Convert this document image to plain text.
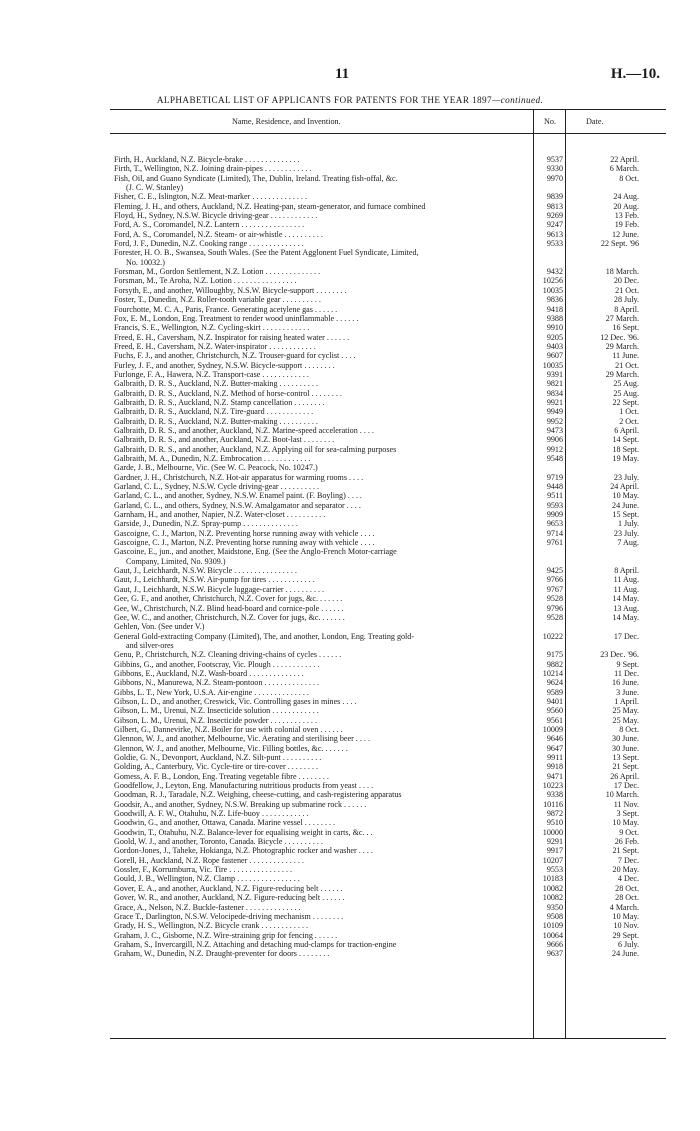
11	H.—10.
ALPHABETICAL LIST OF APPLICANTS FOR PATENTS FOR THE YEAR 1897—continued.
Name, Residence, and Invention.	No.	Date.
Firth, H., Auckland, N.Z. Bicycle-brake . . . . . . . . . . . . . .	9537	22 April.
Firth, T., Wellington, N.Z. Joining drain-pipes . . . . . . . . . . . .	9330	6 March.
Fish, Oil, and Guano Syndicate (Limited), The, Dublin, Ireland. Treating fish-offal, &c.	9970	8 Oct.
(J. C. W. Stanley)
Fisher, C. E., Islington, N.Z. Meat-marker . . . . . . . . . . . . . .	9839	24 Aug.
Fleming, J. H., and others, Auckland, N.Z. Heating-pan, steam-generator, and furnace combined	9813	20 Aug.
Floyd, H., Sydney, N.S.W. Bicycle driving-gear . . . . . . . . . . . .	9269	13 Feb.
Ford, A. S., Coromandel, N.Z. Lantern . . . . . . . . . . . . . . . .	9247	19 Feb.
Ford, A. S., Coromandel, N.Z. Steam- or air-whistle . . . . . . . . . .	9613	12 June.
Ford, J. F., Dunedin, N.Z. Cooking range . . . . . . . . . . . . . .	9533	22 Sept. '96
Forester, H. O. B., Swansea, South Wales. (See the Patent Agglonent Fuel Syndicate, Limited,
No. 10032.)
Forsman, M., Gordon Settlement, N.Z. Lotion . . . . . . . . . . . . . .	9432	18 March.
Forsman, M., Te Aroha, N.Z. Lotion . . . . . . . . . . . . . . . .	10256	20 Dec.
Forsyth, E., and another, Willoughby, N.S.W. Bicycle-support . . . . . . . .	10035	21 Oct.
Foster, T., Dunedin, N.Z. Roller-tooth variable gear . . . . . . . . . .	9836	28 July.
Fourchotte, M. C. A., Paris, France. Generating acetylene gas . . . . . .	9418	8 April.
Fox, E. M., London, Eng. Treatment to render wood uninflammable . . . . . .	9388	27 March.
Francis, S. E., Wellington, N.Z. Cycling-skirt . . . . . . . . . . . .	9910	16 Sept.
Freed, E. H., Caversham, N.Z. Inspirator for raising heated water . . . . . .	9205	12 Dec. '96.
Freed, E. H., Caversham, N.Z. Water-inspirator . . . . . . . . . . . .	9403	29 March.
Fuchs, F. J., and another, Christchurch, N.Z. Trouser-guard for cyclist . . . .	9607	11 June.
Furley, J. F., and another, Sydney, N.S.W. Bicycle-support . . . . . . . .	10035	21 Oct.
Furlonge, F. A., Hawera, N.Z. Transport-case . . . . . . . . . . . .	9391	29 March.
Galbraith, D. R. S., Auckland, N.Z. Butter-making . . . . . . . . . .	9821	25 Aug.
Galbraith, D. R. S., Auckland, N.Z. Method of horse-control . . . . . . . .	9834	25 Aug.
Galbraith, D. R. S., Auckland, N.Z. Stamp cancellation . . . . . . . .	9921	22 Sept.
Galbraith, D. R. S., Auckland, N.Z. Tire-guard . . . . . . . . . . . .	9949	1 Oct.
Galbraith, D. R. S., Auckland, N.Z. Butter-making . . . . . . . . . .	9952	2 Oct.
Galbraith, D. R. S., and another, Auckland, N.Z. Marine-speed acceleration . . . .	9473	6 April.
Galbraith, D. R. S., and another, Auckland, N.Z. Boot-last . . . . . . . .	9906	14 Sept.
Galbraith, D. R. S., and another, Auckland, N.Z. Applying oil for sea-calming purposes	9912	18 Sept.
Galbraith, M. A., Dunedin, N.Z. Embrocation . . . . . . . . . . . .	9548	19 May.
Garde, J. B., Melbourne, Vic. (See W. C. Peacock, No. 10247.)
Gardner, J. H., Christchurch, N.Z. Hot-air apparatus for warming rooms . . . .	9719	23 July.
Garland, C. L., Sydney, N.S.W. Cycle driving-gear . . . . . . . . . .	9448	24 April.
Garland, C. L., and another, Sydney, N.S.W. Enamel paint. (F. Boyling) . . . .	9511	10 May.
Garland, C. L., and others, Sydney, N.S.W. Amalgamator and separator . . . .	9593	24 June.
Garnham, H., and another, Napier, N.Z. Water-closet . . . . . . . . . .	9909	15 Sept.
Garside, J., Dunedin, N.Z. Spray-pump . . . . . . . . . . . . . .	9653	1 July.
Gascoigne, C. J., Marton, N.Z. Preventing horse running away with vehicle . . . .	9714	23 July.
Gascoigne, C. J., Marton, N.Z. Preventing horse running away with vehicle . . . .	9761	7 Aug.
Gascoine, E., jun., and another, Maidstone, Eng. (See the Anglo-French Motor-carriage
Company, Limited, No. 9309.)
Gaut, J., Leichhardt, N.S.W. Bicycle . . . . . . . . . . . . . . . .	9425	8 April.
Gaut, J., Leichhardt, N.S.W. Air-pump for tires . . . . . . . . . . . .	9766	11 Aug.
Gaut, J., Leichhardt, N.S.W. Bicycle luggage-carrier . . . . . . . . . .	9767	11 Aug.
Gee, G. F., and another, Christchurch, N.Z. Cover for jugs, &c. . . . . . .	9528	14 May.
Gee, W., Christchurch, N.Z. Blind head-board and cornice-pole . . . . . .	9796	13 Aug.
Gee, W. C., and another, Christchurch, N.Z. Cover for jugs, &c. . . . . . .	9528	14 May.
Gehlen, Von. (See under V.)
General Gold-extracting Company (Limited), The, and another, London, Eng. Treating gold-	10222	17 Dec.
and silver-ores
Genu, P., Christchurch, N.Z. Cleaning driving-chains of cycles . . . . . .	9175	23 Dec. '96.
Gibbins, G., and another, Footscray, Vic. Plough . . . . . . . . . . . .	9882	9 Sept.
Gibbons, E., Auckland, N.Z. Wash-board . . . . . . . . . . . . . .	10214	11 Dec.
Gibbons, N., Manurewa, N.Z. Steam-pontoon . . . . . . . . . . . . . .	9624	16 June.
Gibbs, L. T., New York, U.S.A. Air-engine . . . . . . . . . . . . . .	9589	3 June.
Gibson, L. D., and another, Creswick, Vic. Controlling gases in mines . . . .	9401	1 April.
Gibson, L. M., Urenui, N.Z. Insecticide solution . . . . . . . . . . . .	9560	25 May.
Gibson, L. M., Urenui, N.Z. Insecticide powder . . . . . . . . . . . .	9561	25 May.
Gilbert, G., Dannevirke, N.Z. Boiler for use with colonial oven . . . . . .	10009	8 Oct.
Glennon, W. J., and another, Melbourne, Vic. Aerating and sterilising beer . . . .	9646	30 June.
Glennon, W. J., and another, Melbourne, Vic. Filling bottles, &c. . . . . . .	9647	30 June.
Goldie, G. N., Devonport, Auckland, N.Z. Silt-punt . . . . . . . . . .	9911	13 Sept.
Golding, A., Canterbury, Vic. Cycle-tire or tire-cover . . . . . . . .	9918	21 Sept.
Gomess, A. F. B., London, Eng. Treating vegetable fibre . . . . . . . .	9471	26 April.
Goodfellow, J., Leyton, Eng. Manufacturing nutritious products from yeast . . . .	10223	17 Dec.
Goodman, R. J., Taradale, N.Z. Weighing, cheese-cutting, and cash-registering apparatus	9338	10 March.
Goodsir, A., and another, Sydney, N.S.W. Breaking up submarine rock . . . . . .	10116	11 Nov.
Goodwill, A. F. W., Otahuhu, N.Z. Life-buoy . . . . . . . . . . . .	9872	3 Sept.
Goodwin, G., and another, Ottawa, Canada. Marine vessel . . . . . . . .	9510	10 May.
Goodwin, T., Otahuhu, N.Z. Balance-lever for equalising weight in carts, &c. . .	10000	9 Oct.
Goold, W. J., and another, Toronto, Canada. Bicycle . . . . . . . . . .	9291	26 Feb.
Gordon-Jones, J., Taheke, Hokianga, N.Z. Photographic rocker and washer . . . .	9917	21 Sept.
Gorell, H., Auckland, N.Z. Rope fastener . . . . . . . . . . . . . .	10207	7 Dec.
Gossler, F., Korrumburra, Vic. Tire . . . . . . . . . . . . . . . .	9553	20 May.
Gould, J. B., Wellington, N.Z. Clamp . . . . . . . . . . . . . . . .	10183	4 Dec.
Gover, E. A., and another, Auckland, N.Z. Figure-reducing belt . . . . . .	10082	28 Oct.
Gover, W. R., and another, Auckland, N.Z. Figure-reducing belt . . . . . .	10082	28 Oct.
Grace, A., Nelson, N.Z. Buckle-fastener . . . . . . . . . . . . . .	9350	4 March.
Grace T., Darlington, N.S.W. Velocipede-driving mechanism . . . . . . . .	9508	10 May.
Grady, H. S., Wellington, N.Z. Bicycle crank . . . . . . . . . . . .	10109	10 Nov.
Graham, J. C., Gisborne, N.Z. Wire-straining grip for fencing . . . . . .	10064	29 Sept.
Graham, S., Invercargill, N.Z. Attaching and detaching mud-clamps for traction-engine	9666	6 July.
Graham, W., Dunedin, N.Z. Draught-preventer for doors . . . . . . . .	9637	24 June.
